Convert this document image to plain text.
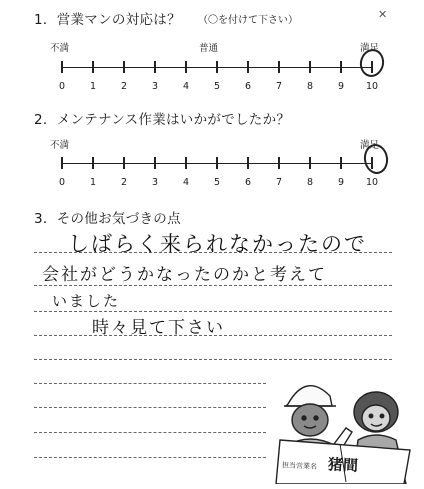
✕
1．営業マンの対応は？ （〇を付けて下さい）
不満	普通	満足
0	1	2	3	4	5	6	7	8	9 10
2．メンテナンス作業はいかがでしたか？
不満	満足
0	1	2	3	4	5	6	7	8	9 10
3．その他お気づきの点
しばらく来られなかったので
会社がどうかなったのかと考えて
いました
時々見て下さい
担当営業名 猪間
